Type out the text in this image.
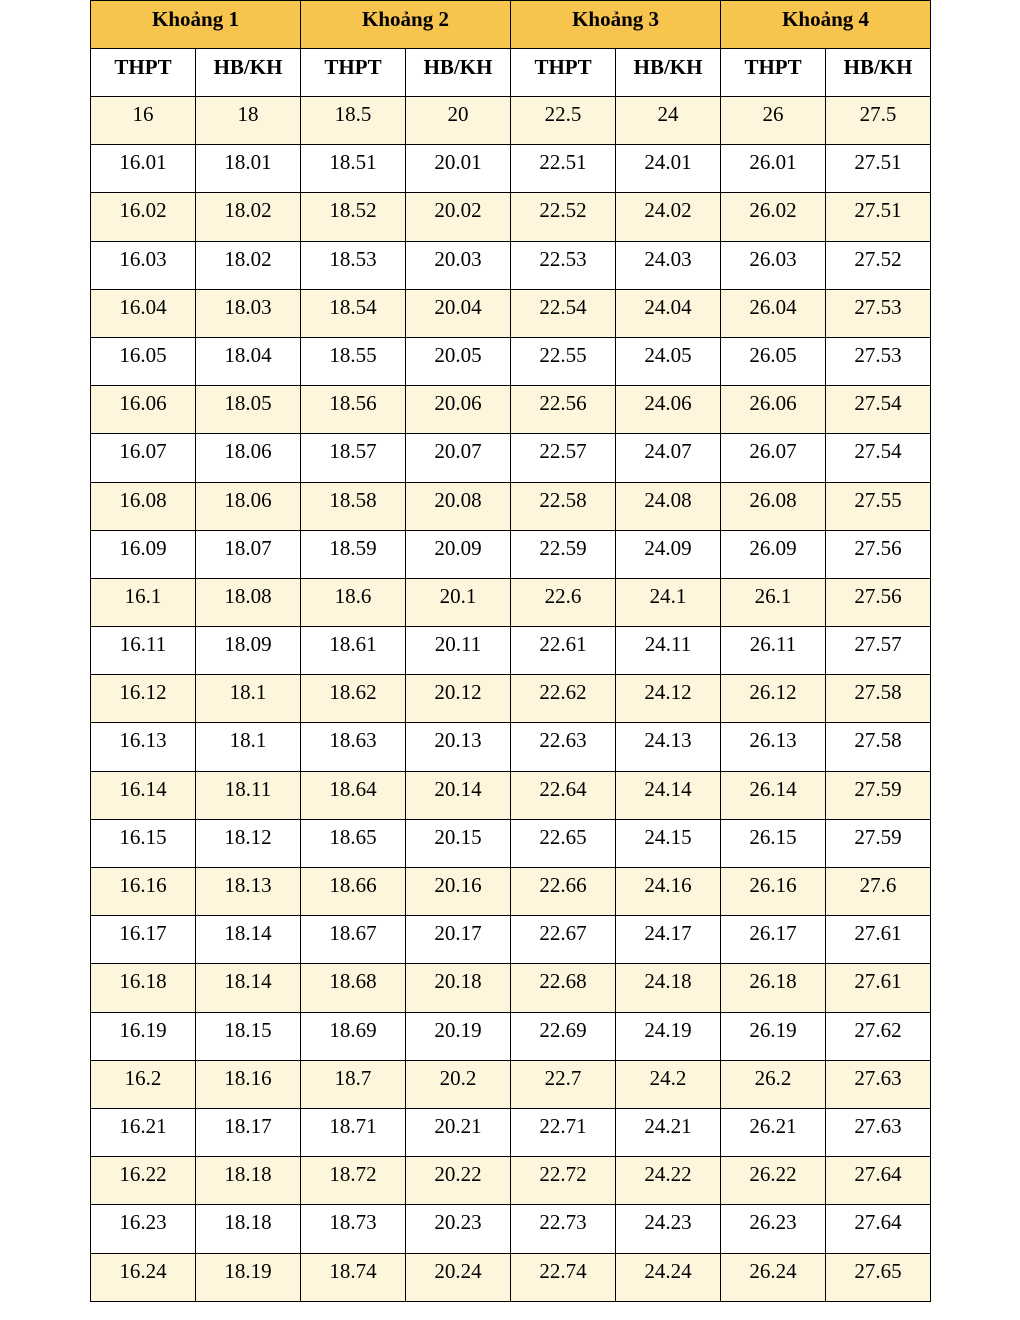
Khoảng 1		Khoảng 2		Khoảng 3		Khoảng 4	
THPT	HB/KH	THPT	HB/KH	THPT	HB/KH	THPT	HB/KH
16	18	18.5	20	22.5	24	26	27.5
16.01	18.01	18.51	20.01	22.51	24.01	26.01	27.51
16.02	18.02	18.52	20.02	22.52	24.02	26.02	27.51
16.03	18.02	18.53	20.03	22.53	24.03	26.03	27.52
16.04	18.03	18.54	20.04	22.54	24.04	26.04	27.53
16.05	18.04	18.55	20.05	22.55	24.05	26.05	27.53
16.06	18.05	18.56	20.06	22.56	24.06	26.06	27.54
16.07	18.06	18.57	20.07	22.57	24.07	26.07	27.54
16.08	18.06	18.58	20.08	22.58	24.08	26.08	27.55
16.09	18.07	18.59	20.09	22.59	24.09	26.09	27.56
16.1	18.08	18.6	20.1	22.6	24.1	26.1	27.56
16.11	18.09	18.61	20.11	22.61	24.11	26.11	27.57
16.12	18.1	18.62	20.12	22.62	24.12	26.12	27.58
16.13	18.1	18.63	20.13	22.63	24.13	26.13	27.58
16.14	18.11	18.64	20.14	22.64	24.14	26.14	27.59
16.15	18.12	18.65	20.15	22.65	24.15	26.15	27.59
16.16	18.13	18.66	20.16	22.66	24.16	26.16	27.6
16.17	18.14	18.67	20.17	22.67	24.17	26.17	27.61
16.18	18.14	18.68	20.18	22.68	24.18	26.18	27.61
16.19	18.15	18.69	20.19	22.69	24.19	26.19	27.62
16.2	18.16	18.7	20.2	22.7	24.2	26.2	27.63
16.21	18.17	18.71	20.21	22.71	24.21	26.21	27.63
16.22	18.18	18.72	20.22	22.72	24.22	26.22	27.64
16.23	18.18	18.73	20.23	22.73	24.23	26.23	27.64
16.24	18.19	18.74	20.24	22.74	24.24	26.24	27.65
